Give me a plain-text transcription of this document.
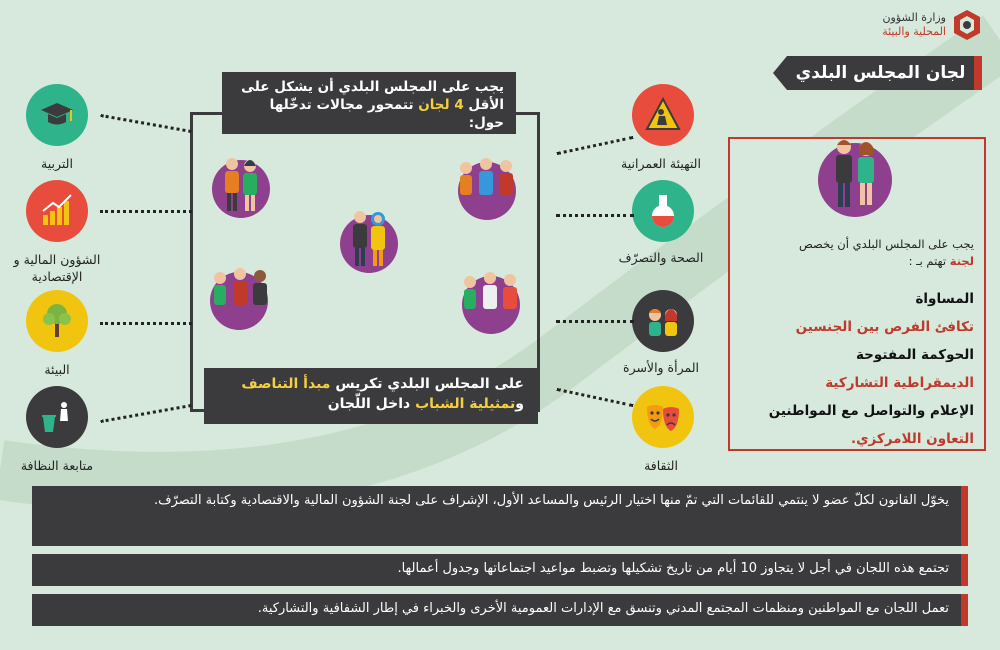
وزارة الشؤون
المحلية والبيئة
لجان المجلس البلدي
يجب على المجلس البلدي أن يشكل على الأقل 4 لجان تتمحور مجالات تدخّلها حول:
على المجلس البلدي تكريس مبدأ التناصف
وتمثيلية الشباب داخل اللّجان
التربية
الشؤون المالية و الإقتصادية
البيئة
متابعة النظافة
التهيئة العمرانية
الصحة والتصرّف
المرأة والأسرة
الثقافة
يجب على المجلس البلدي أن يخصص
لجنة تهتم بـ :
المساواة
تكافئ الفرص بين الجنسين
الحوكمة المفتوحة
الديمقراطية التشاركية
الإعلام والتواصل مع المواطنين
التعاون اللامركزي.
يخوّل القانون لكلّ عضو لا ينتمي للقائمات التي تمّ منها اختيار الرئيس والمساعد الأول، الإشراف على لجنة الشؤون المالية والاقتصادية وكتابة التصرّف.
تجتمع هذه اللجان في أجل لا يتجاوز 10 أيام من تاريخ تشكيلها وتضبط مواعيد اجتماعاتها وجدول أعمالها.
تعمل اللجان مع المواطنين ومنظمات المجتمع المدني وتنسق مع الإدارات العمومية الأخرى والخبراء في إطار الشفافية والتشاركية.
